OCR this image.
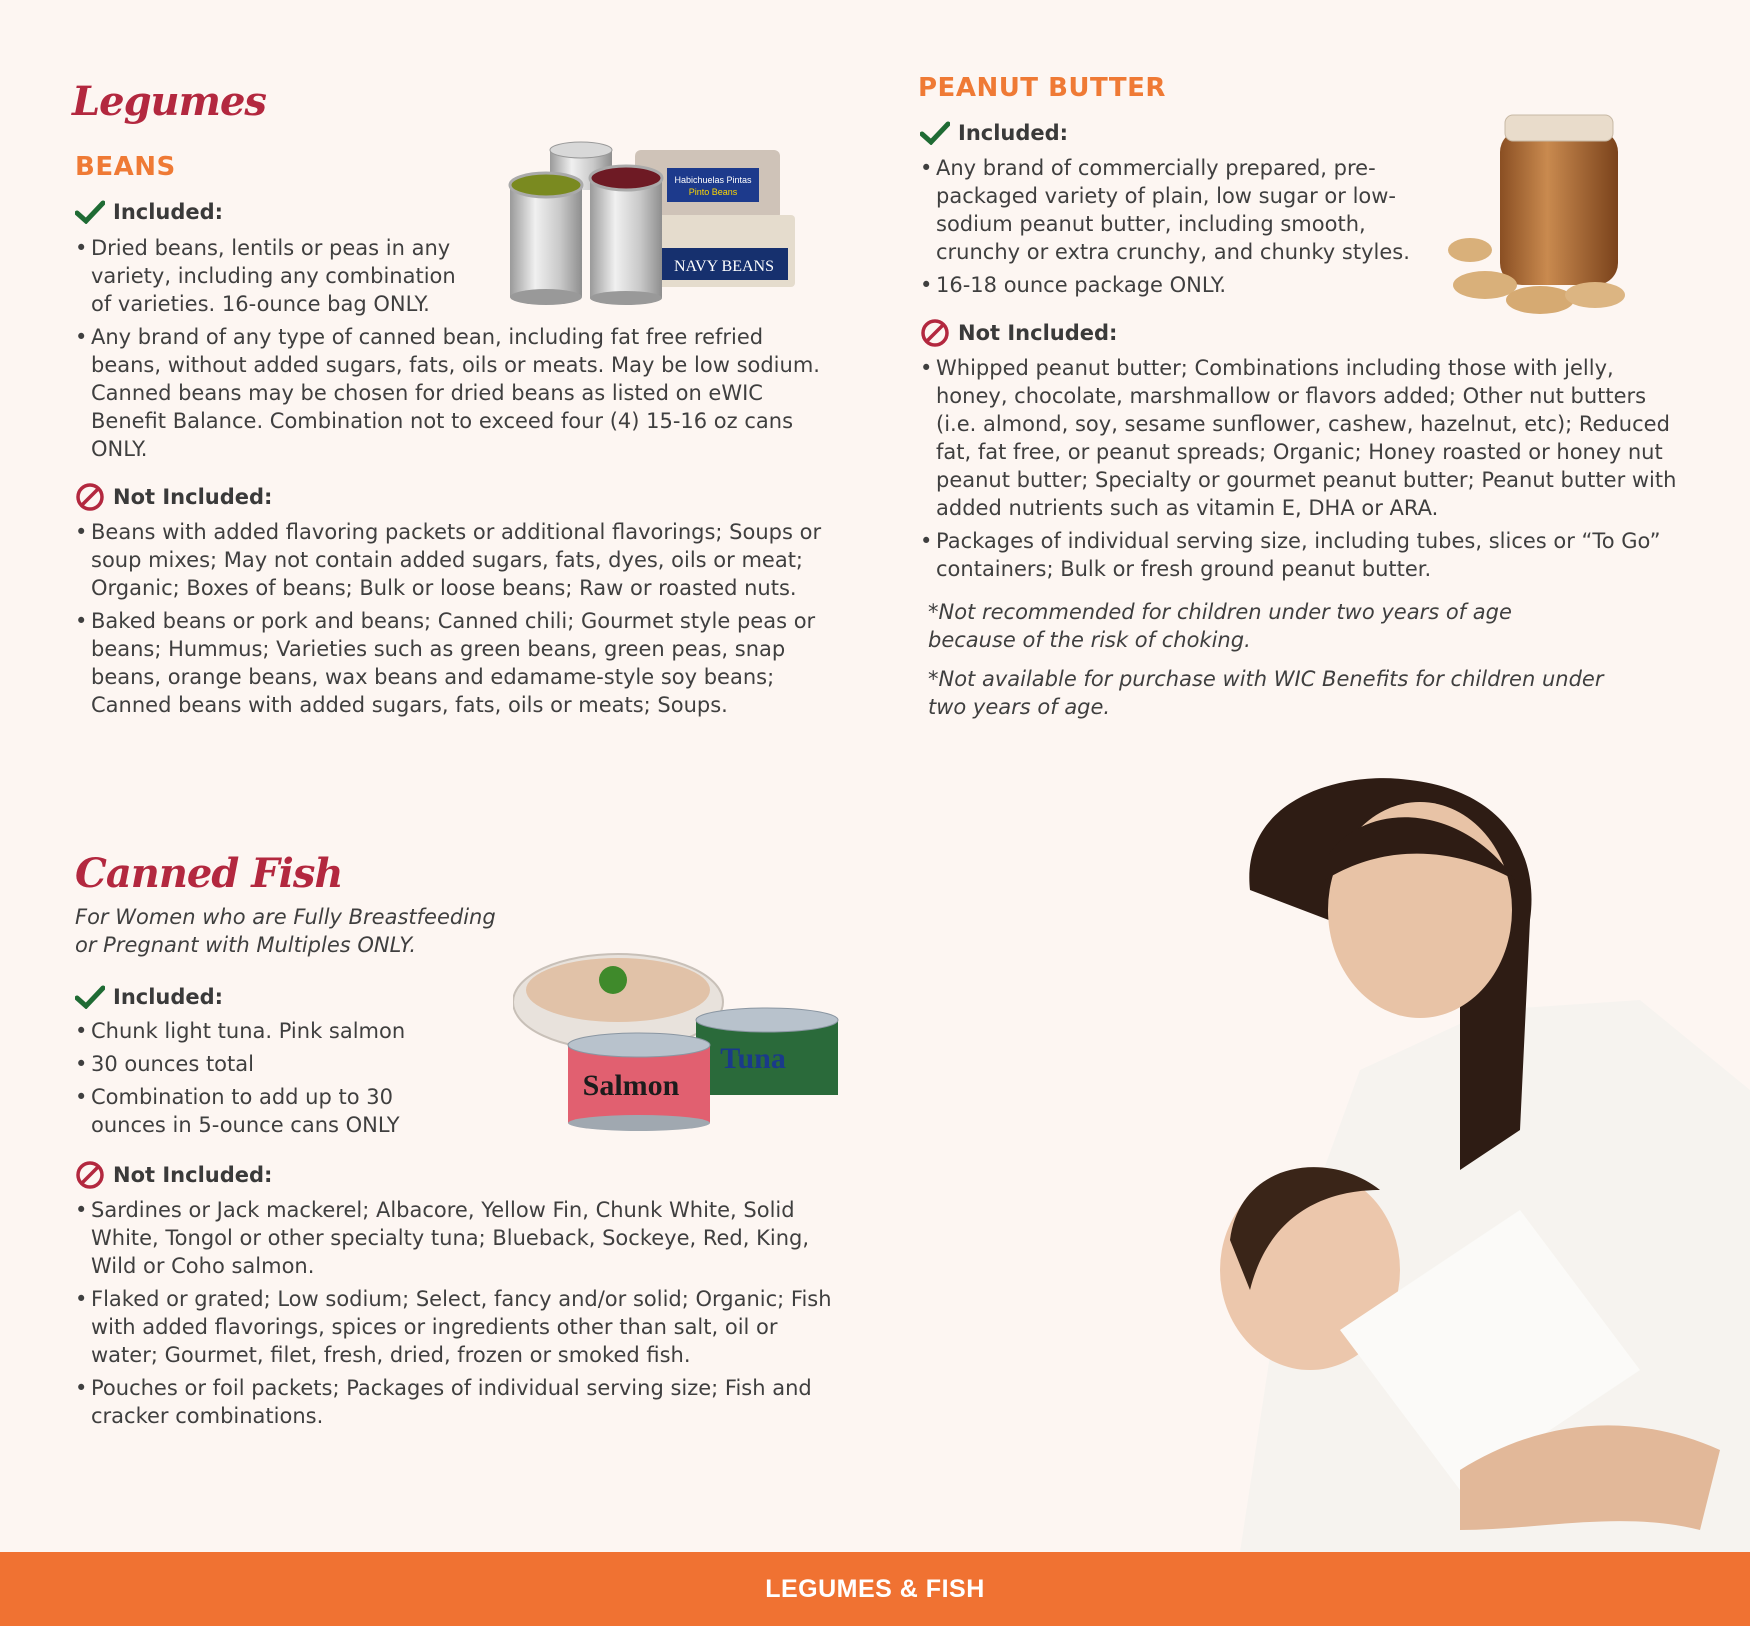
Legumes
BEANS	Habichuelas Pintas
Pinto Beans
NAVY BEANS
Included:
• Dried beans, lentils or peas in any variety, including any combination of varieties. 16-ounce bag ONLY.
• Any brand of any type of canned bean, including fat free refried beans, without added sugars, fats, oils or meats. May be low sodium. Canned beans may be chosen for dried beans as listed on eWIC Benefit Balance. Combination not to exceed four (4) 15-16 oz cans ONLY.
Not Included:
• Beans with added flavoring packets or additional flavorings; Soups or soup mixes; May not contain added sugars, fats, dyes, oils or meat; Organic; Boxes of beans; Bulk or loose beans; Raw or roasted nuts.
• Baked beans or pork and beans; Canned chili; Gourmet style peas or beans; Hummus; Varieties such as green beans, green peas, snap beans, orange beans, wax beans and edamame-style soy beans; Canned beans with added sugars, fats, oils or meats; Soups.
PEANUT BUTTER
Included:
• Any brand of commercially prepared, pre-packaged variety of plain, low sugar or low-sodium peanut butter, including smooth, crunchy or extra crunchy, and chunky styles.
• 16-18 ounce package ONLY.
Not Included:
• Whipped peanut butter; Combinations including those with jelly, honey, chocolate, marshmallow or flavors added; Other nut butters (i.e. almond, soy, sesame sunflower, cashew, hazelnut, etc); Reduced fat, fat free, or peanut spreads; Organic; Honey roasted or honey nut peanut butter; Specialty or gourmet peanut butter; Peanut butter with added nutrients such as vitamin E, DHA or ARA.
• Packages of individual serving size, including tubes, slices or “To Go” containers; Bulk or fresh ground peanut butter.
*Not recommended for children under two years of age because of the risk of choking.
*Not available for purchase with WIC Benefits for children under two years of age.
Canned Fish
For Women who are Fully Breastfeeding
or Pregnant with Multiples ONLY.
Tuna
Salmon
Included:
• Chunk light tuna. Pink salmon
• 30 ounces total
• Combination to add up to 30 ounces in 5-ounce cans ONLY
Not Included:
• Sardines or Jack mackerel; Albacore, Yellow Fin, Chunk White, Solid White, Tongol or other specialty tuna; Blueback, Sockeye, Red, King, Wild or Coho salmon.
• Flaked or grated; Low sodium; Select, fancy and/or solid; Organic; Fish with added flavorings, spices or ingredients other than salt, oil or water; Gourmet, filet, fresh, dried, frozen or smoked fish.
• Pouches or foil packets; Packages of individual serving size; Fish and cracker combinations.
LEGUMES & FISH
